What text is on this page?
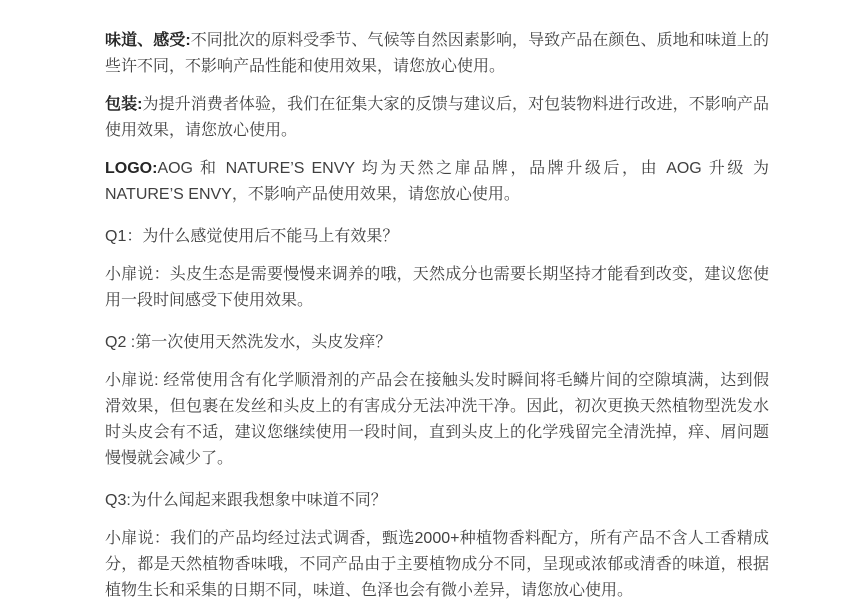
味道、感受:不同批次的原料受季节、气候等自然因素影响，导致产品在颜色、质地和味道上的些许不同，不影响产品性能和使用效果，请您放心使用。

包装:为提升消费者体验，我们在征集大家的反馈与建议后，对包装物料进行改进，不影响产品使用效果，请您放心使用。

LOGO:AOG 和 NATURE’S ENVY 均为天然之扉品牌，品牌升级后，由 AOG 升级 为 NATURE’S ENVY，不影响产品使用效果，请您放心使用。

Q1：为什么感觉使用后不能马上有效果？

小扉说：头皮生态是需要慢慢来调养的哦，天然成分也需要长期坚持才能看到改变，建议您使用一段时间感受下使用效果。

Q2 :第一次使用天然洗发水，头皮发痒？

小扉说: 经常使用含有化学顺滑剂的产品会在接触头发时瞬间将毛鳞片间的空隙填满，达到假滑效果，但包裹在发丝和头皮上的有害成分无法冲洗干净。因此，初次更换天然植物型洗发水时头皮会有不适，建议您继续使用一段时间，直到头皮上的化学残留完全清洗掉，痒、屑问题慢慢就会减少了。

Q3:为什么闻起来跟我想象中味道不同？

小扉说：我们的产品均经过法式调香，甄选2000+种植物香料配方，所有产品不含人工香精成分，都是天然植物香味哦，不同产品由于主要植物成分不同，呈现或浓郁或清香的味道，根据植物生长和采集的日期不同，味道、色泽也会有微小差异，请您放心使用。
